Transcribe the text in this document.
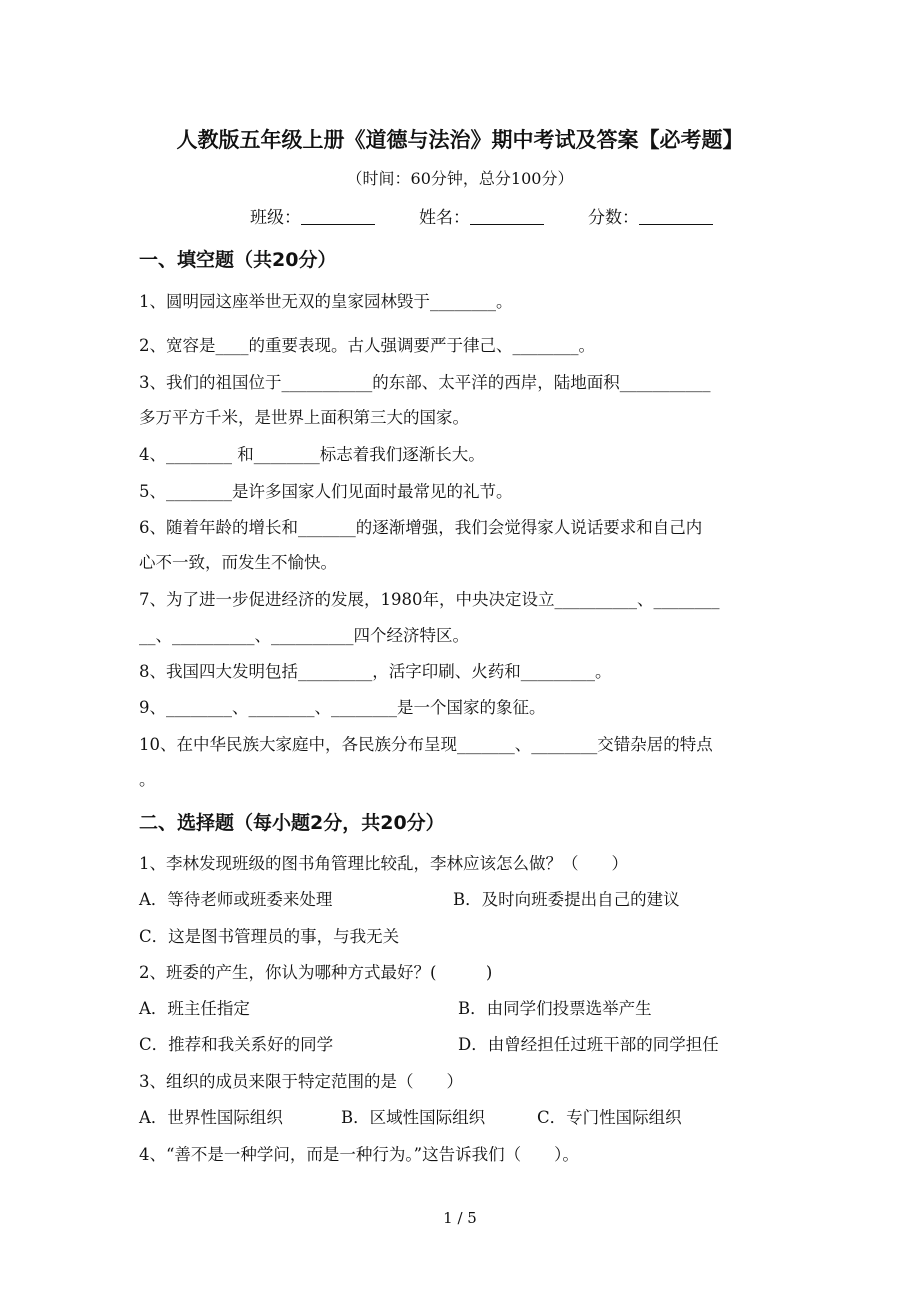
人教版五年级上册《道德与法治》期中考试及答案【必考题】
（时间：60分钟，总分100分）
班级：	姓名：	分数：
一、填空题（共20分）
1、圆明园这座举世无双的皇家园林毁于________。
2、宽容是____的重要表现。古人强调要严于律己、________。
3、我们的祖国位于___________的东部、太平洋的西岸，陆地面积___________
多万平方千米，是世界上面积第三大的国家。
4、________ 和________标志着我们逐渐长大。
5、________是许多国家人们见面时最常见的礼节。
6、随着年龄的增长和_______的逐渐增强，我们会觉得家人说话要求和自己内
心不一致，而发生不愉快。
7、为了进一步促进经济的发展，1980年，中央决定设立__________、________
__、__________、__________四个经济特区。
8、我国四大发明包括_________，活字印刷、火药和_________。
9、________、________、________是一个国家的象征。
10、在中华民族大家庭中，各民族分布呈现_______、________交错杂居的特点
。
二、选择题（每小题2分，共20分）
1、李林发现班级的图书角管理比较乱，李林应该怎么做？（　　）
A．等待老师或班委来处理	B．及时向班委提出自己的建议
C．这是图书管理员的事，与我无关
2、班委的产生，你认为哪种方式最好？(　　　)
A．班主任指定	B．由同学们投票选举产生
C．推荐和我关系好的同学	D．由曾经担任过班干部的同学担任
3、组织的成员来限于特定范围的是（　　）
A．世界性国际组织	B．区域性国际组织	C．专门性国际组织
4、“善不是一种学问，而是一种行为。”这告诉我们（　　）。
1 / 5
